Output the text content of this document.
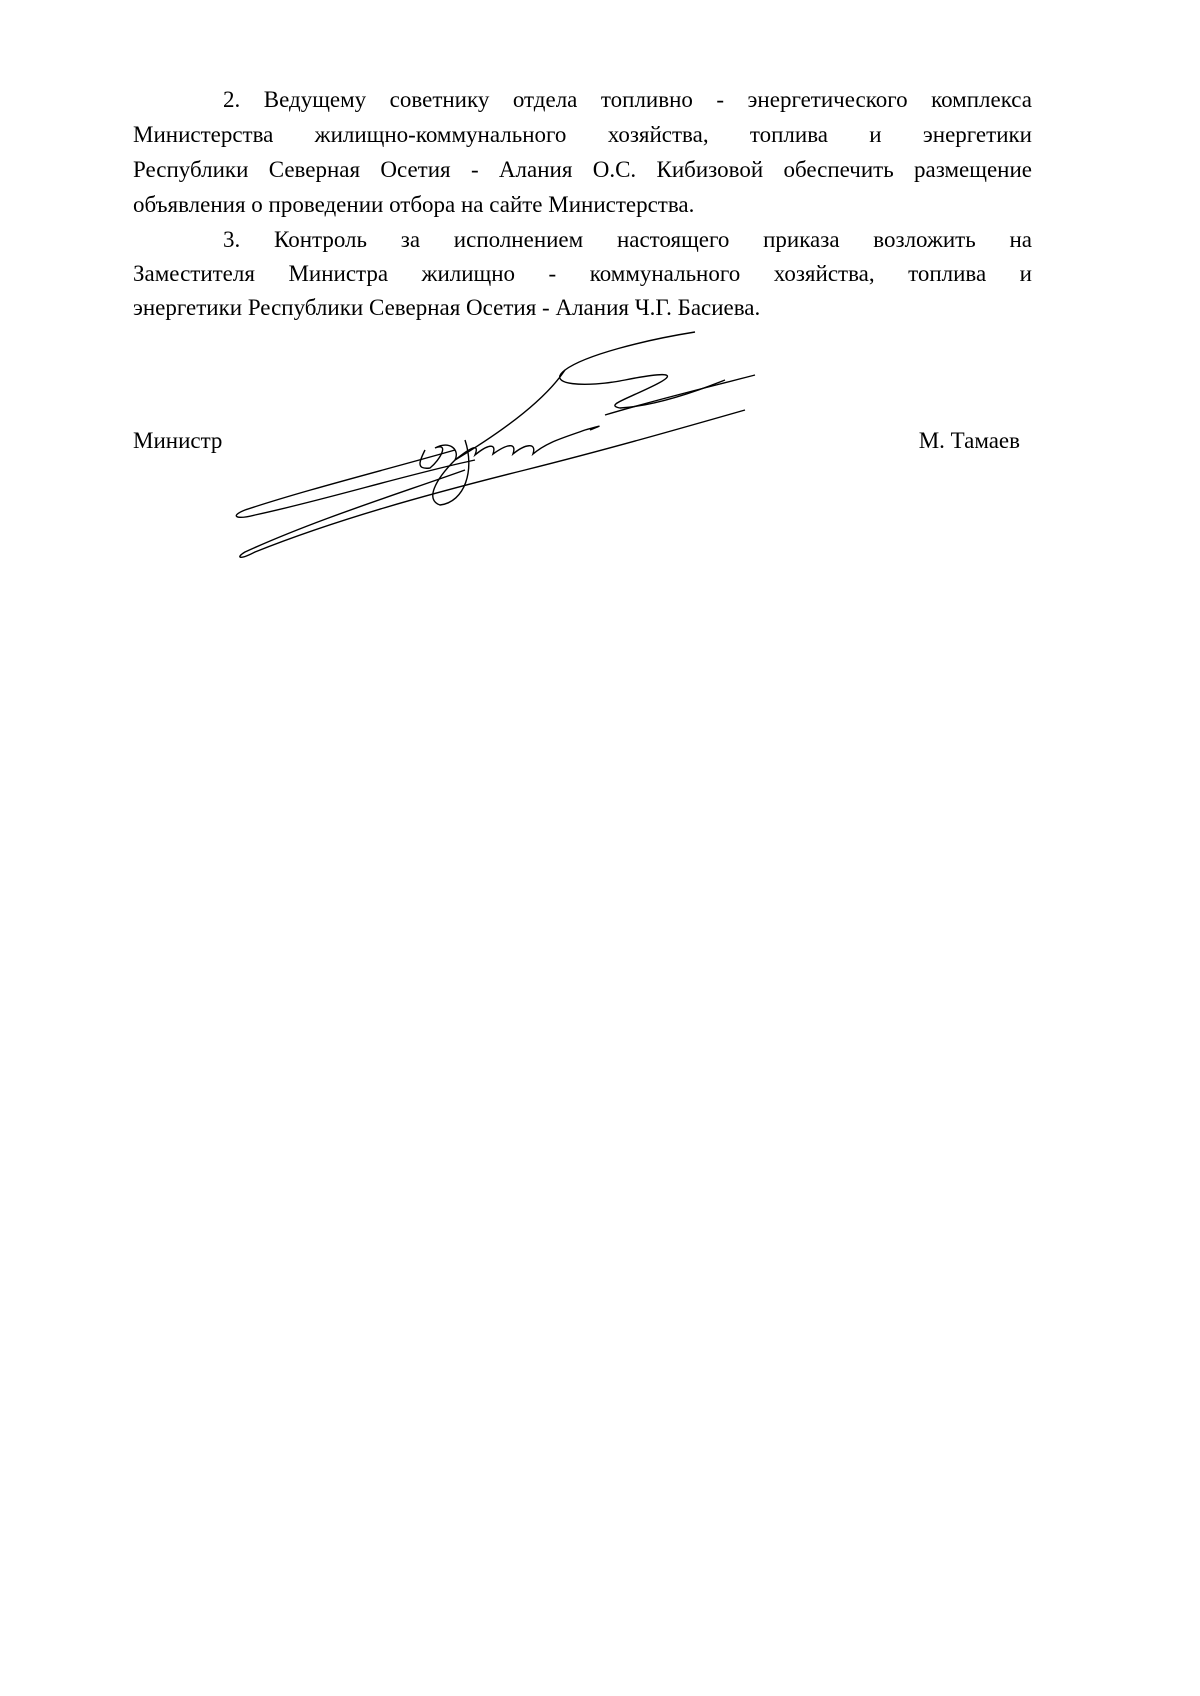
2. Ведущему советнику отдела топливно - энергетического комплекса
Министерства жилищно-коммунального хозяйства, топлива и энергетики
Республики Северная Осетия - Алания О.С. Кибизовой обеспечить размещение
объявления о проведении отбора на сайте Министерства.
3. Контроль за исполнением настоящего приказа возложить на
Заместителя Министра жилищно - коммунального хозяйства, топлива и
энергетики Республики Северная Осетия - Алания Ч.Г. Басиева.
Министр	М. Тамаев
